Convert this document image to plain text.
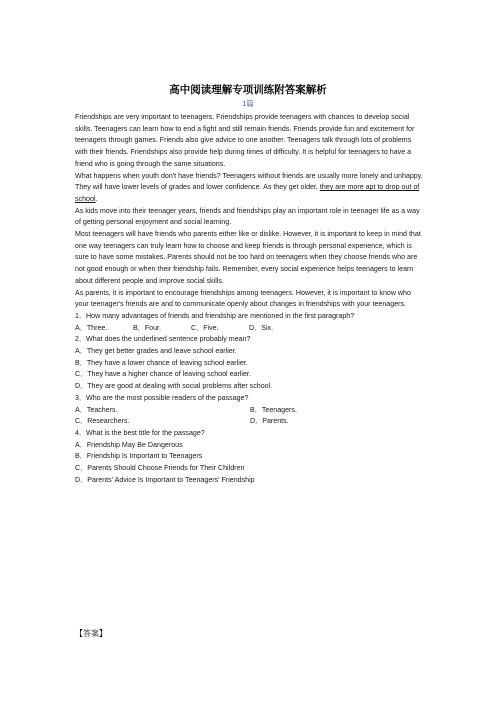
高中阅读理解专项训练附答案解析
1篇

Friendships are very important to teenagers. Friendships provide teenagers with chances to develop social skills. Teenagers can learn how to end a fight and still remain friends. Friends provide fun and excitement for teenagers through games. Friends also give advice to one another. Teenagers talk through lots of problems with their friends. Friendships also provide help during times of difficulty. It is helpful for teenagers to have a friend who is going through the same situations.

What happens when youth don't have friends? Teenagers without friends are usually more lonely and unhappy. They will have lower levels of grades and lower confidence. As they get older, they are more apt to drop out of school.

As kids move into their teenager years, friends and friendships play an important role in teenager life as a way of getting personal enjoyment and social learning.

Most teenagers will have friends who parents either like or dislike. However, it is important to keep in mind that one way teenagers can truly learn how to choose and keep friends is through personal experience, which is sure to have some mistakes. Parents should not be too hard on teenagers when they choose friends who are not good enough or when their friendship fails. Remember, every social experience helps teenagers to learn about different people and improve social skills.

As parents, it is important to encourage friendships among teenagers. However, it is important to know who your teenager's friends are and to communicate openly about changes in friendships with your teenagers.

1．How many advantages of friends and friendship are mentioned in the first paragraph?

A．Three.	B．Four.	C．Five.	D．Six.

2．What does the underlined sentence probably mean?

A．They get better grades and leave school earlier.

B．They have a lower chance of leaving school earlier.

C．They have a higher chance of leaving school earlier.

D．They are good at dealing with social problems after school.

3．Who are the most possible readers of the passage?

A．Teachers.	B．Teenagers.
C．Researchers.	D．Parents.

4．What is the best title for the passage?

A．Friendship May Be Dangerous

B．Friendship Is Important to Teenagers

C．Parents Should Choose Friends for Their Children

D．Parents' Advice Is Important to Teenagers' Friendship

【答案】
